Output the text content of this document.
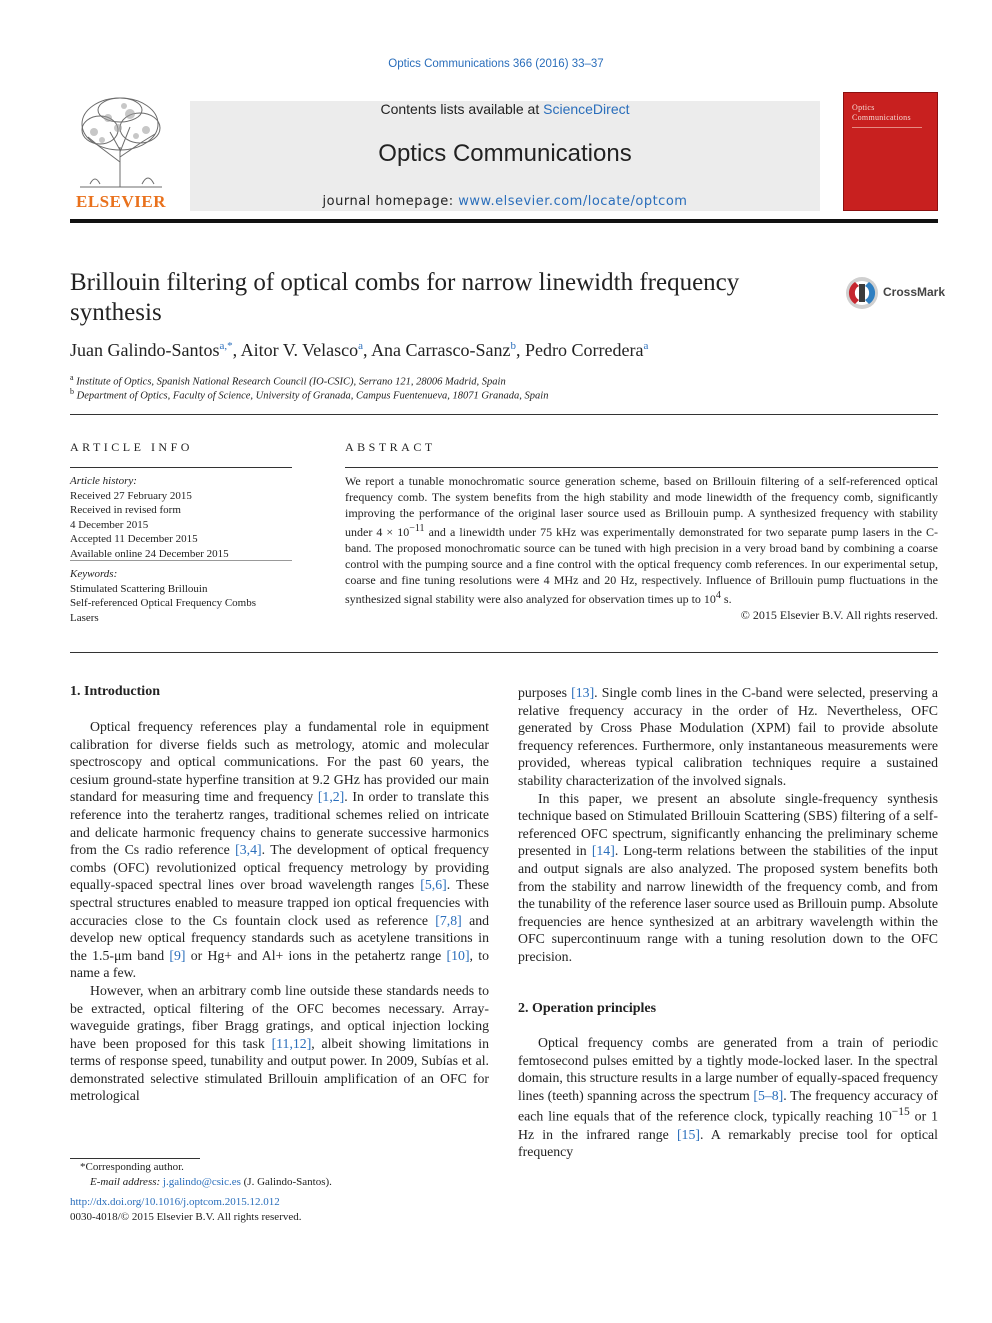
Optics Communications 366 (2016) 33–37
ELSEVIER
Contents lists available at ScienceDirect
Optics Communications
journal homepage: www.elsevier.com/locate/optcom
Optics
Communications
Brillouin filtering of optical combs for narrow linewidth frequency synthesis
CrossMark
Juan Galindo-Santos$^{a,*}$, Aitor V. Velasco$^a$, Ana Carrasco-Sanz$^b$, Pedro Corredera$^a$
$^a$ Institute of Optics, Spanish National Research Council (IO-CSIC), Serrano 121, 28006 Madrid, Spain
$^b$ Department of Optics, Faculty of Science, University of Granada, Campus Fuentenueva, 18071 Granada, Spain
ARTICLE INFO
Article history:
Received 27 February 2015
Received in revised form
4 December 2015
Accepted 11 December 2015
Available online 24 December 2015
Keywords:
Stimulated Scattering Brillouin
Self-referenced Optical Frequency Combs
Lasers
ABSTRACT
We report a tunable monochromatic source generation scheme, based on Brillouin filtering of a self-referenced optical frequency comb. The system benefits from the high stability and mode linewidth of the frequency comb, significantly improving the performance of the original laser source used as Brillouin pump. A synthesized frequency with stability under $4 \times 10^{-11}$ and a linewidth under 75 kHz was experimentally demonstrated for two separate pump lasers in the C-band. The proposed monochromatic source can be tuned with high precision in a very broad band by combining a coarse control with the pumping source and a fine control with the optical frequency comb references. In our experimental setup, coarse and fine tuning resolutions were 4 MHz and 20 Hz, respectively. Influence of Brillouin pump fluctuations in the synthesized signal stability were also analyzed for observation times up to $10^4$ s.
© 2015 Elsevier B.V. All rights reserved.
1. Introduction

Optical frequency references play a fundamental role in equipment calibration for diverse fields such as metrology, atomic and molecular spectroscopy and optical communications. For the past 60 years, the cesium ground-state hyperfine transition at 9.2 GHz has provided our main standard for measuring time and frequency [1,2]. In order to translate this reference into the terahertz ranges, traditional schemes relied on intricate and delicate harmonic frequency chains to generate successive harmonics from the Cs radio reference [3,4]. The development of optical frequency combs (OFC) revolutionized optical frequency metrology by providing equally-spaced spectral lines over broad wavelength ranges [5,6]. These spectral structures enabled to measure trapped ion optical frequencies with accuracies close to the Cs fountain clock used as reference [7,8] and develop new optical frequency standards such as acetylene transitions in the 1.5-μm band [9] or Hg+ and Al+ ions in the petahertz range [10], to name a few.

However, when an arbitrary comb line outside these standards needs to be extracted, optical filtering of the OFC becomes necessary. Array-waveguide gratings, fiber Bragg gratings, and optical injection locking have been proposed for this task [11,12], albeit showing limitations in terms of response speed, tunability and output power. In 2009, Subías et al. demonstrated selective stimulated Brillouin amplification of an OFC for metrological

purposes [13]. Single comb lines in the C-band were selected, preserving a relative frequency accuracy in the order of Hz. Nevertheless, OFC generated by Cross Phase Modulation (XPM) fail to provide absolute frequency references. Furthermore, only instantaneous measurements were provided, whereas typical calibration techniques require a sustained stability characterization of the involved signals.

In this paper, we present an absolute single-frequency synthesis technique based on Stimulated Brillouin Scattering (SBS) filtering of a self-referenced OFC spectrum, significantly enhancing the preliminary scheme presented in [14]. Long-term relations between the stabilities of the input and output signals are also analyzed. The proposed system benefits both from the stability and narrow linewidth of the frequency comb, and from the tunability of the reference laser source used as Brillouin pump. Absolute frequencies are hence synthesized at an arbitrary wavelength within the OFC supercontinuum range with a tuning resolution down to the OFC precision.

2. Operation principles

Optical frequency combs are generated from a train of periodic femtosecond pulses emitted by a tightly mode-locked laser. In the spectral domain, this structure results in a large number of equally-spaced frequency lines (teeth) spanning across the spectrum [5–8]. The frequency accuracy of each line equals that of the reference clock, typically reaching $10^{-15}$ or 1 Hz in the infrared range [15]. A remarkably precise tool for optical frequency

*Corresponding author.
E-mail address: j.galindo@csic.es (J. Galindo-Santos).
http://dx.doi.org/10.1016/j.optcom.2015.12.012
0030-4018/© 2015 Elsevier B.V. All rights reserved.
